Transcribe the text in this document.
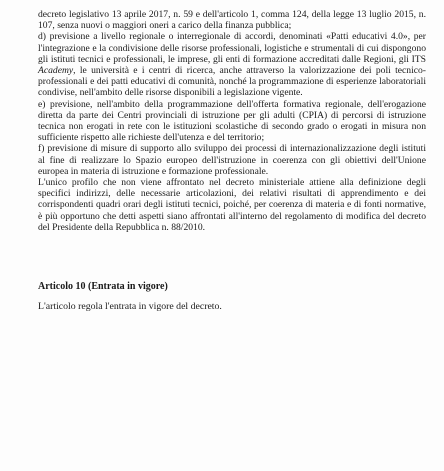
decreto legislativo 13 aprile 2017, n. 59 e dell'articolo 1, comma 124, della legge 13 luglio 2015, n. 107, senza nuovi o maggiori oneri a carico della finanza pubblica;

d) previsione a livello regionale o interregionale di accordi, denominati «Patti educativi 4.0», per l'integrazione e la condivisione delle risorse professionali, logistiche e strumentali di cui dispongono gli istituti tecnici e professionali, le imprese, gli enti di formazione accreditati dalle Regioni, gli ITS Academy, le università e i centri di ricerca, anche attraverso la valorizzazione dei poli tecnico-professionali e dei patti educativi di comunità, nonché la programmazione di esperienze laboratoriali condivise, nell'ambito delle risorse disponibili a legislazione vigente.

e) previsione, nell'ambito della programmazione dell'offerta formativa regionale, dell'erogazione diretta da parte dei Centri provinciali di istruzione per gli adulti (CPIA) di percorsi di istruzione tecnica non erogati in rete con le istituzioni scolastiche di secondo grado o erogati in misura non sufficiente rispetto alle richieste dell'utenza e del territorio;

f) previsione di misure di supporto allo sviluppo dei processi di internazionalizzazione degli istituti al fine di realizzare lo Spazio europeo dell'istruzione in coerenza con gli obiettivi dell'Unione europea in materia di istruzione e formazione professionale.

L'unico profilo che non viene affrontato nel decreto ministeriale attiene alla definizione degli specifici indirizzi, delle necessarie articolazioni, dei relativi risultati di apprendimento e dei corrispondenti quadri orari degli istituti tecnici, poiché, per coerenza di materia e di fonti normative, è più opportuno che detti aspetti siano affrontati all'interno del regolamento di modifica del decreto del Presidente della Repubblica n. 88/2010.

Articolo 10 (Entrata in vigore)

L'articolo regola l'entrata in vigore del decreto.
